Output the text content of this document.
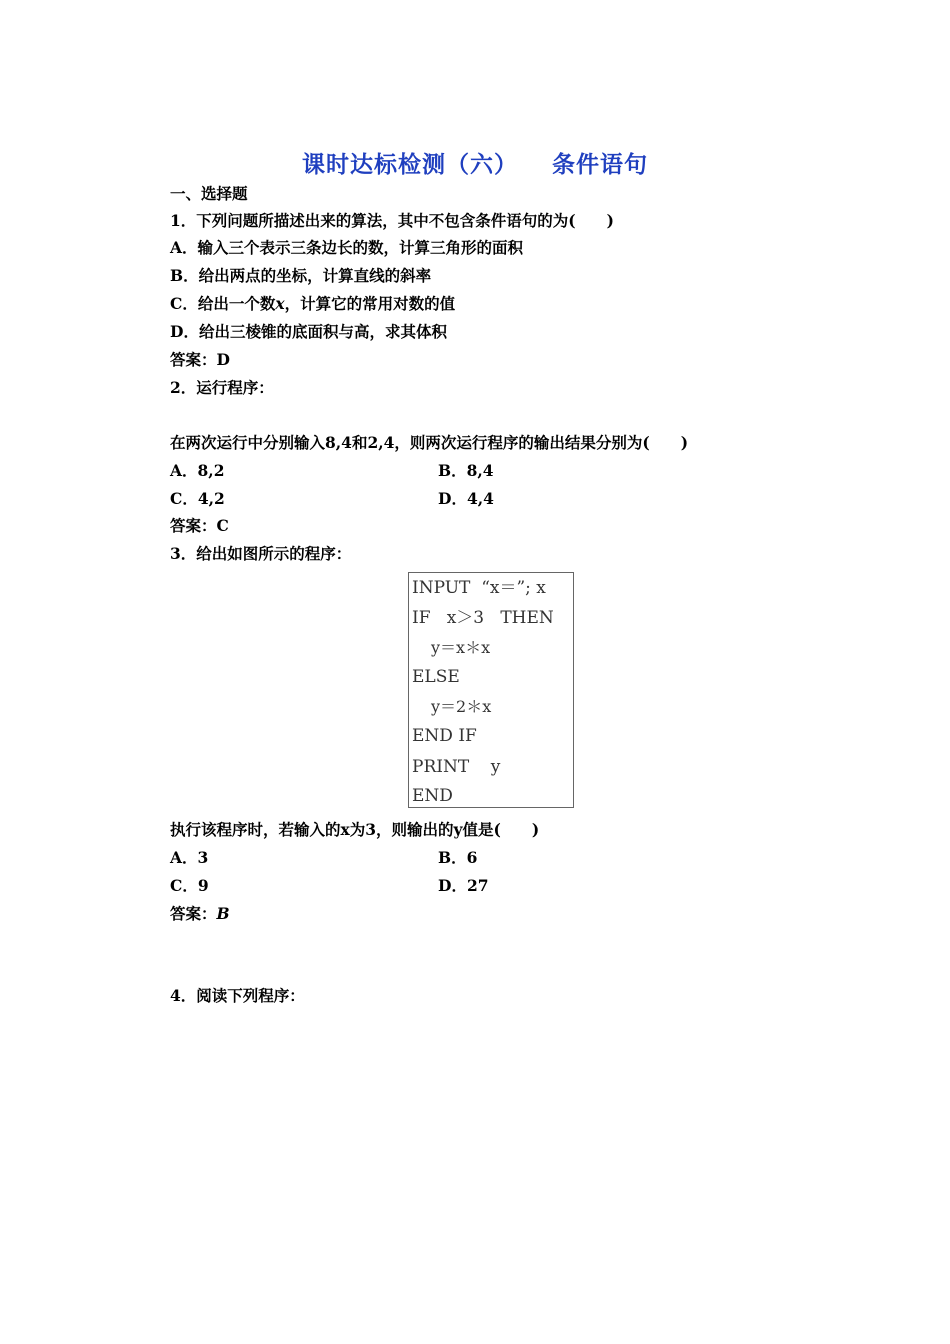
课时达标检测（六） 条件语句
一、选择题
1．下列问题所描述出来的算法，其中不包含条件语句的为(　　)
A．输入三个表示三条边长的数，计算三角形的面积
B．给出两点的坐标，计算直线的斜率
C．给出一个数x，计算它的常用对数的值
D．给出三棱锥的底面积与高，求其体积
答案：D
2．运行程序：
在两次运行中分别输入8,4和2,4，则两次运行程序的输出结果分别为(　　)
A．8,2	B．8,4
C．4,2	D．4,4
答案：C
3．给出如图所示的程序：
INPUT  “x＝”; x
IF   x＞3   THEN
y＝x＊x
ELSE
y＝2＊x
END IF
PRINT    y
END
执行该程序时，若输入的x为3，则输出的y值是(　　)
A．3	B．6
C．9	D．27
答案：B
4．阅读下列程序：
